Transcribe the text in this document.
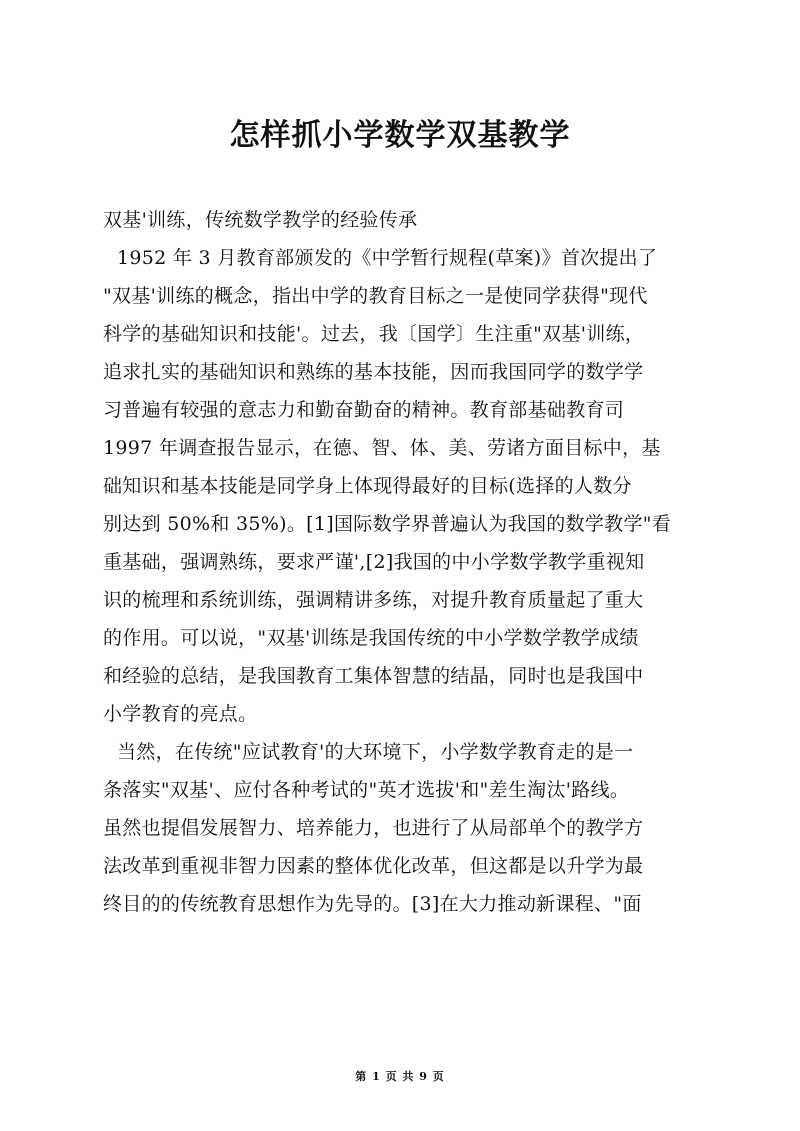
怎样抓小学数学双基教学
双基'训练，传统数学教学的经验传承
1952 年 3 月教育部颁发的《中学暂行规程(草案)》首次提出了
"双基'训练的概念，指出中学的教育目标之一是使同学获得"现代
科学的基础知识和技能'。过去，我〔国学〕生注重"双基'训练，
追求扎实的基础知识和熟练的基本技能，因而我国同学的数学学
习普遍有较强的意志力和勤奋勤奋的精神。教育部基础教育司
1997 年调查报告显示，在德、智、体、美、劳诸方面目标中，基
础知识和基本技能是同学身上体现得最好的目标(选择的人数分
别达到 50%和 35%)。[1]国际数学界普遍认为我国的数学教学"看
重基础，强调熟练，要求严谨',[2]我国的中小学数学教学重视知
识的梳理和系统训练，强调精讲多练，对提升教育质量起了重大
的作用。可以说，"双基'训练是我国传统的中小学数学教学成绩
和经验的总结，是我国教育工集体智慧的结晶，同时也是我国中
小学教育的亮点。
当然，在传统"应试教育'的大环境下，小学数学教育走的是一
条落实"双基'、应付各种考试的"英才选拔'和"差生淘汰'路线。
虽然也提倡发展智力、培养能力，也进行了从局部单个的教学方
法改革到重视非智力因素的整体优化改革，但这都是以升学为最
终目的的传统教育思想作为先导的。[3]在大力推动新课程、"面
第 1 页 共 9 页
